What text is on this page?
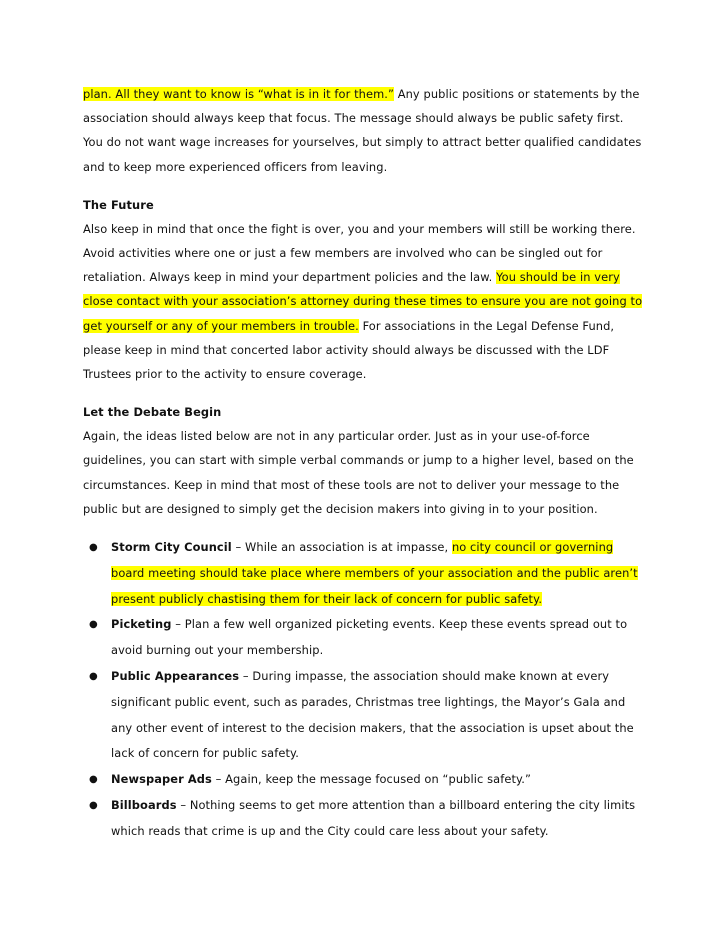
plan. All they want to know is “what is in it for them.” Any public positions or statements by the association should always keep that focus. The message should always be public safety first. You do not want wage increases for yourselves, but simply to attract better qualified candidates and to keep more experienced officers from leaving.

The Future

Also keep in mind that once the fight is over, you and your members will still be working there. Avoid activities where one or just a few members are involved who can be singled out for retaliation. Always keep in mind your department policies and the law. You should be in very close contact with your association’s attorney during these times to ensure you are not going to get yourself or any of your members in trouble. For associations in the Legal Defense Fund, please keep in mind that concerted labor activity should always be discussed with the LDF Trustees prior to the activity to ensure coverage.

Let the Debate Begin

Again, the ideas listed below are not in any particular order. Just as in your use-of-force guidelines, you can start with simple verbal commands or jump to a higher level, based on the circumstances. Keep in mind that most of these tools are not to deliver your message to the public but are designed to simply get the decision makers into giving in to your position.

● Storm City Council – While an association is at impasse, no city council or governing board meeting should take place where members of your association and the public aren’t present publicly chastising them for their lack of concern for public safety.
● Picketing – Plan a few well organized picketing events. Keep these events spread out to avoid burning out your membership.
● Public Appearances – During impasse, the association should make known at every significant public event, such as parades, Christmas tree lightings, the Mayor’s Gala and any other event of interest to the decision makers, that the association is upset about the lack of concern for public safety.
● Newspaper Ads – Again, keep the message focused on “public safety.”
● Billboards – Nothing seems to get more attention than a billboard entering the city limits which reads that crime is up and the City could care less about your safety.
